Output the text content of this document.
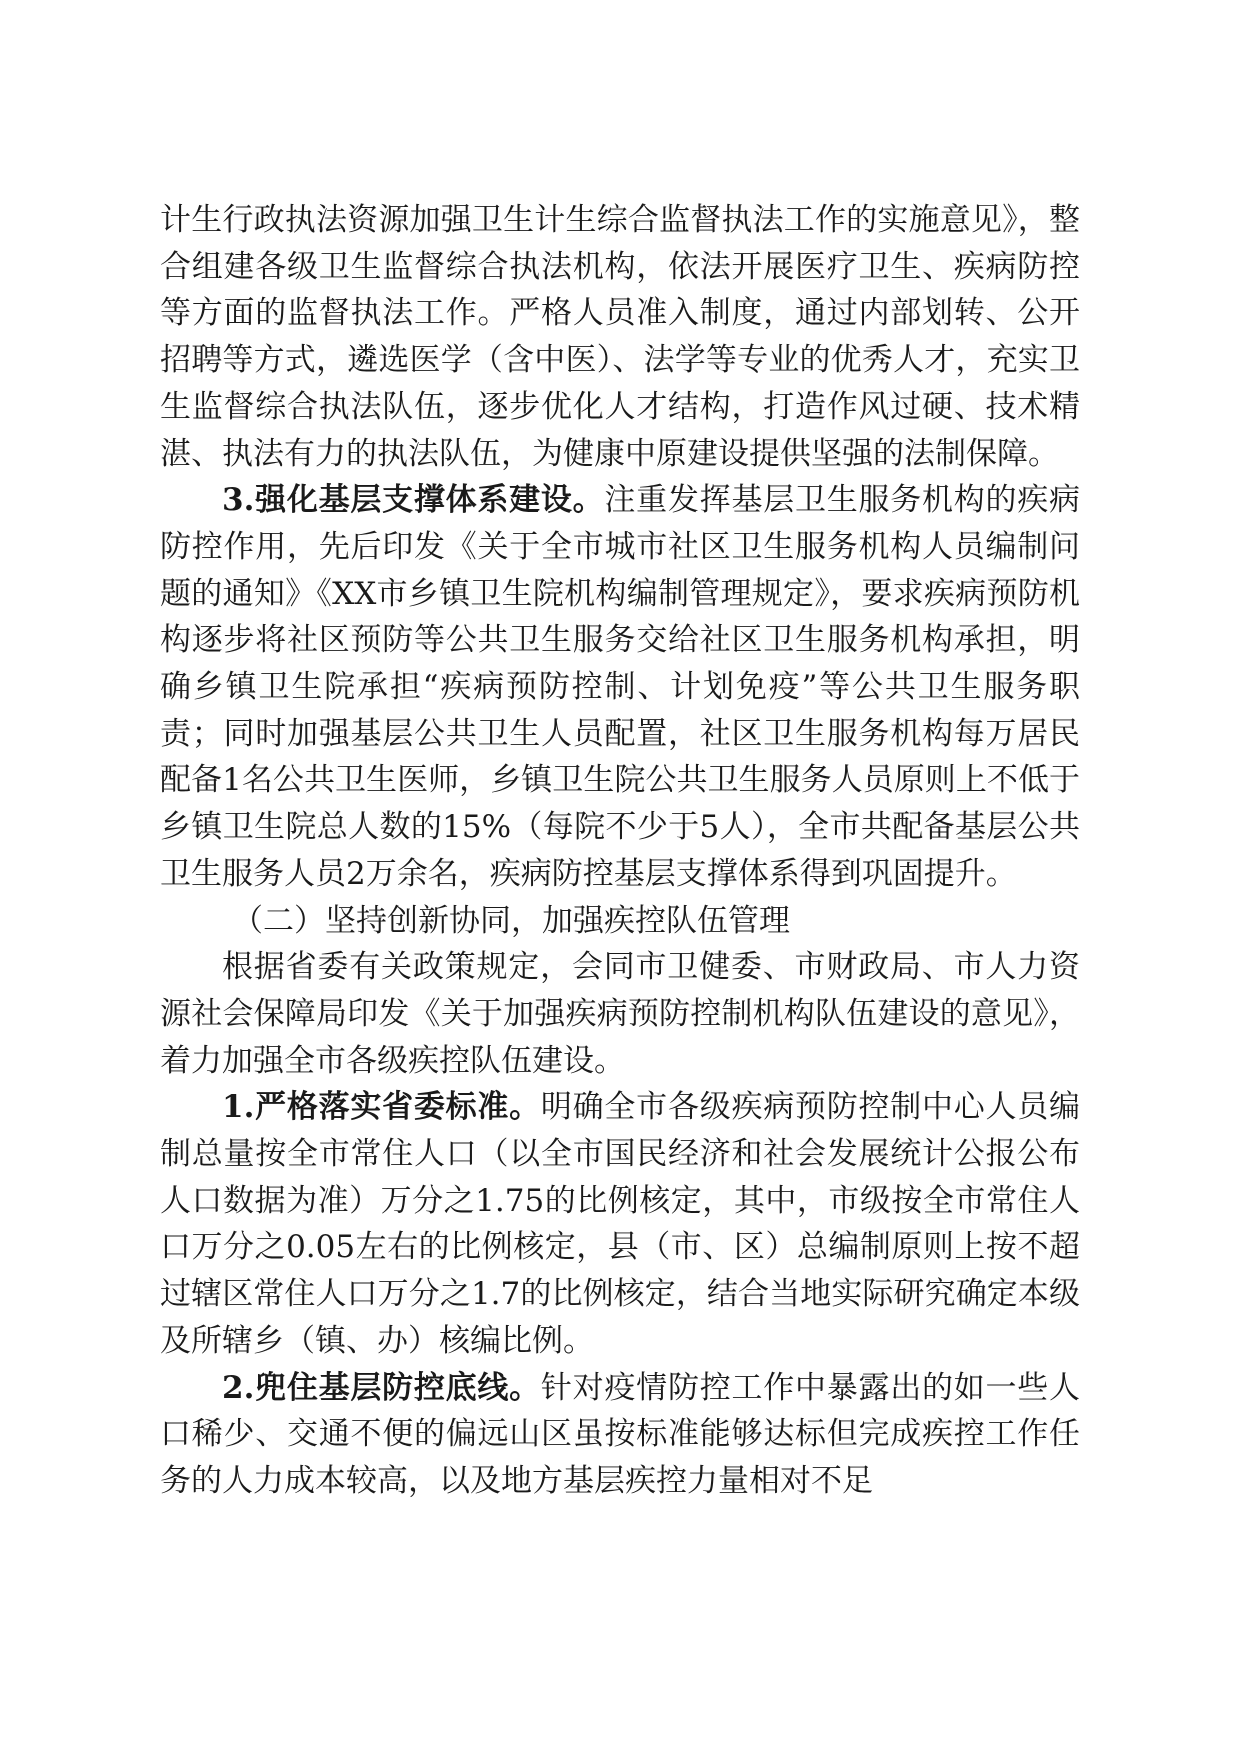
计生行政执法资源加强卫生计生综合监督执法工作的实施意见》，整合组建各级卫生监督综合执法机构，依法开展医疗卫生、疾病防控等方面的监督执法工作。严格人员准入制度，通过内部划转、公开招聘等方式，遴选医学（含中医）、法学等专业的优秀人才，充实卫生监督综合执法队伍，逐步优化人才结构，打造作风过硬、技术精湛、执法有力的执法队伍，为健康中原建设提供坚强的法制保障。

3.强化基层支撑体系建设。注重发挥基层卫生服务机构的疾病防控作用，先后印发《关于全市城市社区卫生服务机构人员编制问题的通知》《XX市乡镇卫生院机构编制管理规定》，要求疾病预防机构逐步将社区预防等公共卫生服务交给社区卫生服务机构承担，明确乡镇卫生院承担“疾病预防控制、计划免疫”等公共卫生服务职责；同时加强基层公共卫生人员配置，社区卫生服务机构每万居民配备1名公共卫生医师，乡镇卫生院公共卫生服务人员原则上不低于乡镇卫生院总人数的15%（每院不少于5人），全市共配备基层公共卫生服务人员2万余名，疾病防控基层支撑体系得到巩固提升。

（二）坚持创新协同，加强疾控队伍管理

根据省委有关政策规定，会同市卫健委、市财政局、市人力资源社会保障局印发《关于加强疾病预防控制机构队伍建设的意见》，着力加强全市各级疾控队伍建设。

1.严格落实省委标准。明确全市各级疾病预防控制中心人员编制总量按全市常住人口（以全市国民经济和社会发展统计公报公布人口数据为准）万分之1.75的比例核定，其中，市级按全市常住人口万分之0.05左右的比例核定，县（市、区）总编制原则上按不超过辖区常住人口万分之1.7的比例核定，结合当地实际研究确定本级及所辖乡（镇、办）核编比例。

2.兜住基层防控底线。针对疫情防控工作中暴露出的如一些人口稀少、交通不便的偏远山区虽按标准能够达标但完成疾控工作任务的人力成本较高，以及地方基层疾控力量相对不足
